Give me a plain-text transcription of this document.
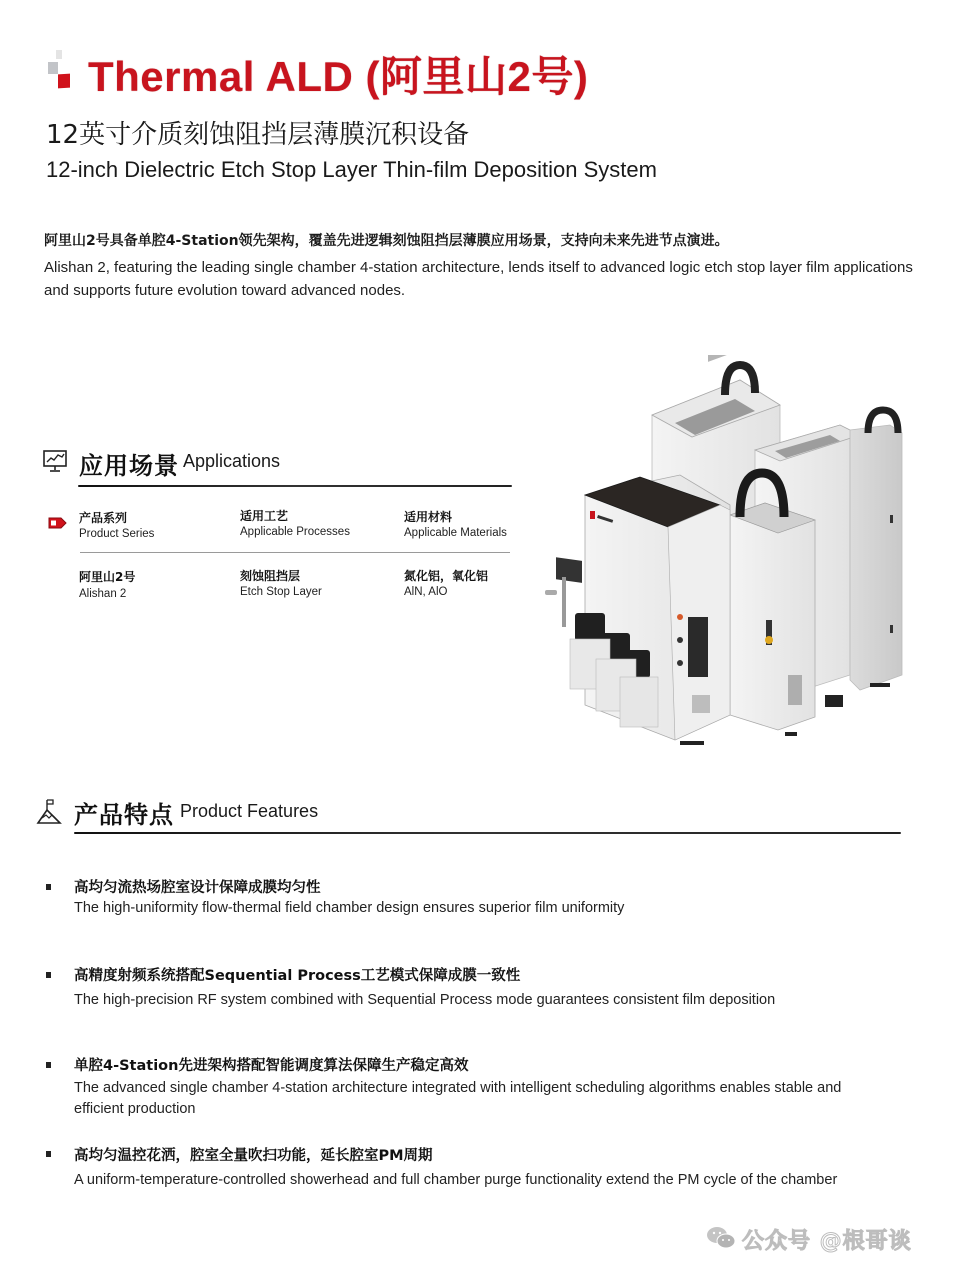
Thermal ALD (阿里山2号)
12英寸介质刻蚀阻挡层薄膜沉积设备
12-inch Dielectric Etch Stop Layer Thin-film Deposition System
阿里山2号具备单腔4-Station领先架构，覆盖先进逻辑刻蚀阻挡层薄膜应用场景，支持向未来先进节点演进。
Alishan 2, featuring the leading single chamber 4-station architecture, lends itself to advanced logic etch stop layer film applications and supports future evolution toward advanced nodes.
应用场景 Applications
产品系列
Product Series
适用工艺
Applicable Processes
适用材料
Applicable Materials
阿里山2号
Alishan 2
刻蚀阻挡层
Etch Stop Layer
氮化铝，氧化铝
AlN, AlO
产品特点 Product Features
高均匀流热场腔室设计保障成膜均匀性
The high-uniformity flow-thermal field chamber design ensures superior film uniformity
高精度射频系统搭配Sequential Process工艺模式保障成膜一致性
The high-precision RF system combined with Sequential Process mode guarantees consistent film deposition
单腔4-Station先进架构搭配智能调度算法保障生产稳定高效
The advanced single chamber 4-station architecture integrated with intelligent scheduling algorithms enables stable and efficient production
高均匀温控花洒，腔室全量吹扫功能，延长腔室PM周期
A uniform-temperature-controlled showerhead and full chamber purge functionality extend the PM cycle of the chamber
公众号 @根哥谈
